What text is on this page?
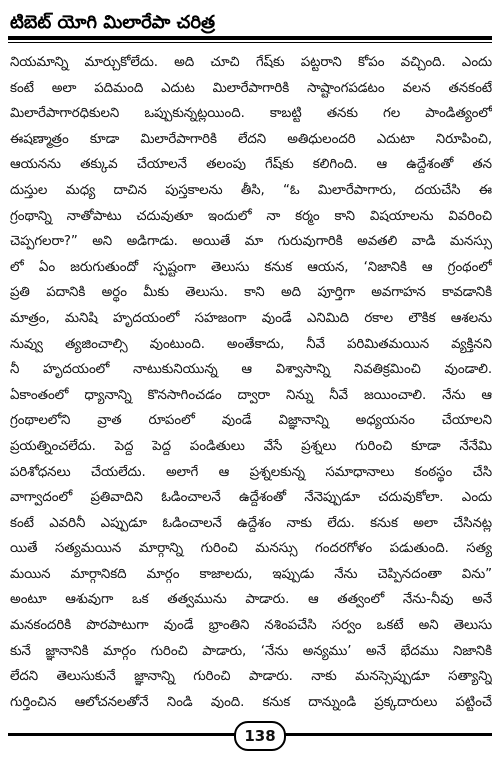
టిబెట్ యోగి మిలారేపా చరిత్ర
నియమాన్ని మార్చుకోలేదు. అది చూచి గేష్‌కు పట్టరాని కోపం వచ్చింది. ఎందు
కంటే అలా పదిమంది ఎదుట మిలారేపాగారికి సాష్టాంగపడటం వలన తనకంటే
మిలారేపాగారధికులని ఒప్పుకున్నట్లయింది. కాబట్టి తనకు గల పాండిత్యంలో
ఈషణ్మాత్రం కూడా మిలారేపాగారికి లేదని అతిధులందరి ఎదుటా నిరూపించి,
ఆయనను తక్కువ చేయాలనే తలంపు గేష్‌కు కలిగింది. ఆ ఉద్దేశంతో తన
దుస్తుల మధ్య దాచిన పుస్తకాలను తీసి, “ఓ మిలారేపాగారు, దయచేసి ఈ
గ్రంథాన్ని నాతోపాటు చదువుతూ ఇందులో నా కర్మం కాని విషయాలను వివరించి
చెప్పగలరా?” అని అడిగాడు. అయితే మా గురువుగారికి అవతలి వాడి మనస్సు
లో ఏం జరుగుతుందో స్పష్టంగా తెలుసు కనుక ఆయన, ‘నిజానికి ఆ గ్రంథంలో
ప్రతి పదానికి అర్థం మీకు తెలుసు. కాని అది పూర్తిగా అవగాహన కావడానికి
మాత్రం, మనిషి హృదయంలో సహజంగా వుండే ఎనిమిది రకాల లౌకిక ఆశలను
నువ్వు త్యజించాల్సి వుంటుంది. అంతేకాదు, నీవే పరిమితమయిన వ్యక్తినని
నీ హృదయంలో నాటుకునియున్న ఆ విశ్వాసాన్ని నివతిక్రమించి వుండాలి.
ఏకాంతంలో ధ్యానాన్ని కొనసాగించడం ద్వారా నిన్ను నీవే జయించాలి. నేను ఆ
గ్రంథాలలోని వ్రాత రూపంలో వుండే విజ్ఞానాన్ని అధ్యయనం చేయాలని
ప్రయత్నించలేదు. పెద్ద పెద్ద పండితులు వేసే ప్రశ్నలు గురించి కూడా నేనేమి
పరిశోధనలు చేయలేదు. అలాగే ఆ ప్రశ్నలకున్న సమాధానాలు కంఠస్థం చేసి
వాగ్వాదంలో ప్రతివాదిని ఓడించాలనే ఉద్దేశంతో నేనెప్పుడూ చదువుకోలా. ఎందు
కంటే ఎవరినీ ఎప్పుడూ ఓడించాలనే ఉద్దేశం నాకు లేదు. కనుక అలా చేసినట్ల
యితే సత్యమయిన మార్గాన్ని గురించి మనస్సు గందరగోళం పడుతుంది. సత్య
మయిన మార్గానికది మార్గం కాజాలదు, ఇప్పుడు నేను చెప్పినదంతా విను”
అంటూ ఆశువుగా ఒక తత్వమును పాడారు. ఆ తత్వంలో నేను-నీవు అనే
మనకందరికి పొరపాటుగా వుండే భ్రాంతిని నశింపచేసి సర్వం ఒకటే అని తెలుసు
కునే జ్ఞానానికి మార్గం గురించి పాడారు, ‘నేను అన్యము’ అనే భేదము నిజానికి
లేదని తెలుసుకునే జ్ఞానాన్ని గురించి పాడారు. నాకు మనస్సెప్పుడూ సత్యాన్ని
గుర్తించిన ఆలోచనలతోనే నిండి వుంది. కనుక దాన్నుండి ప్రక్కదారులు పట్టించే
138
